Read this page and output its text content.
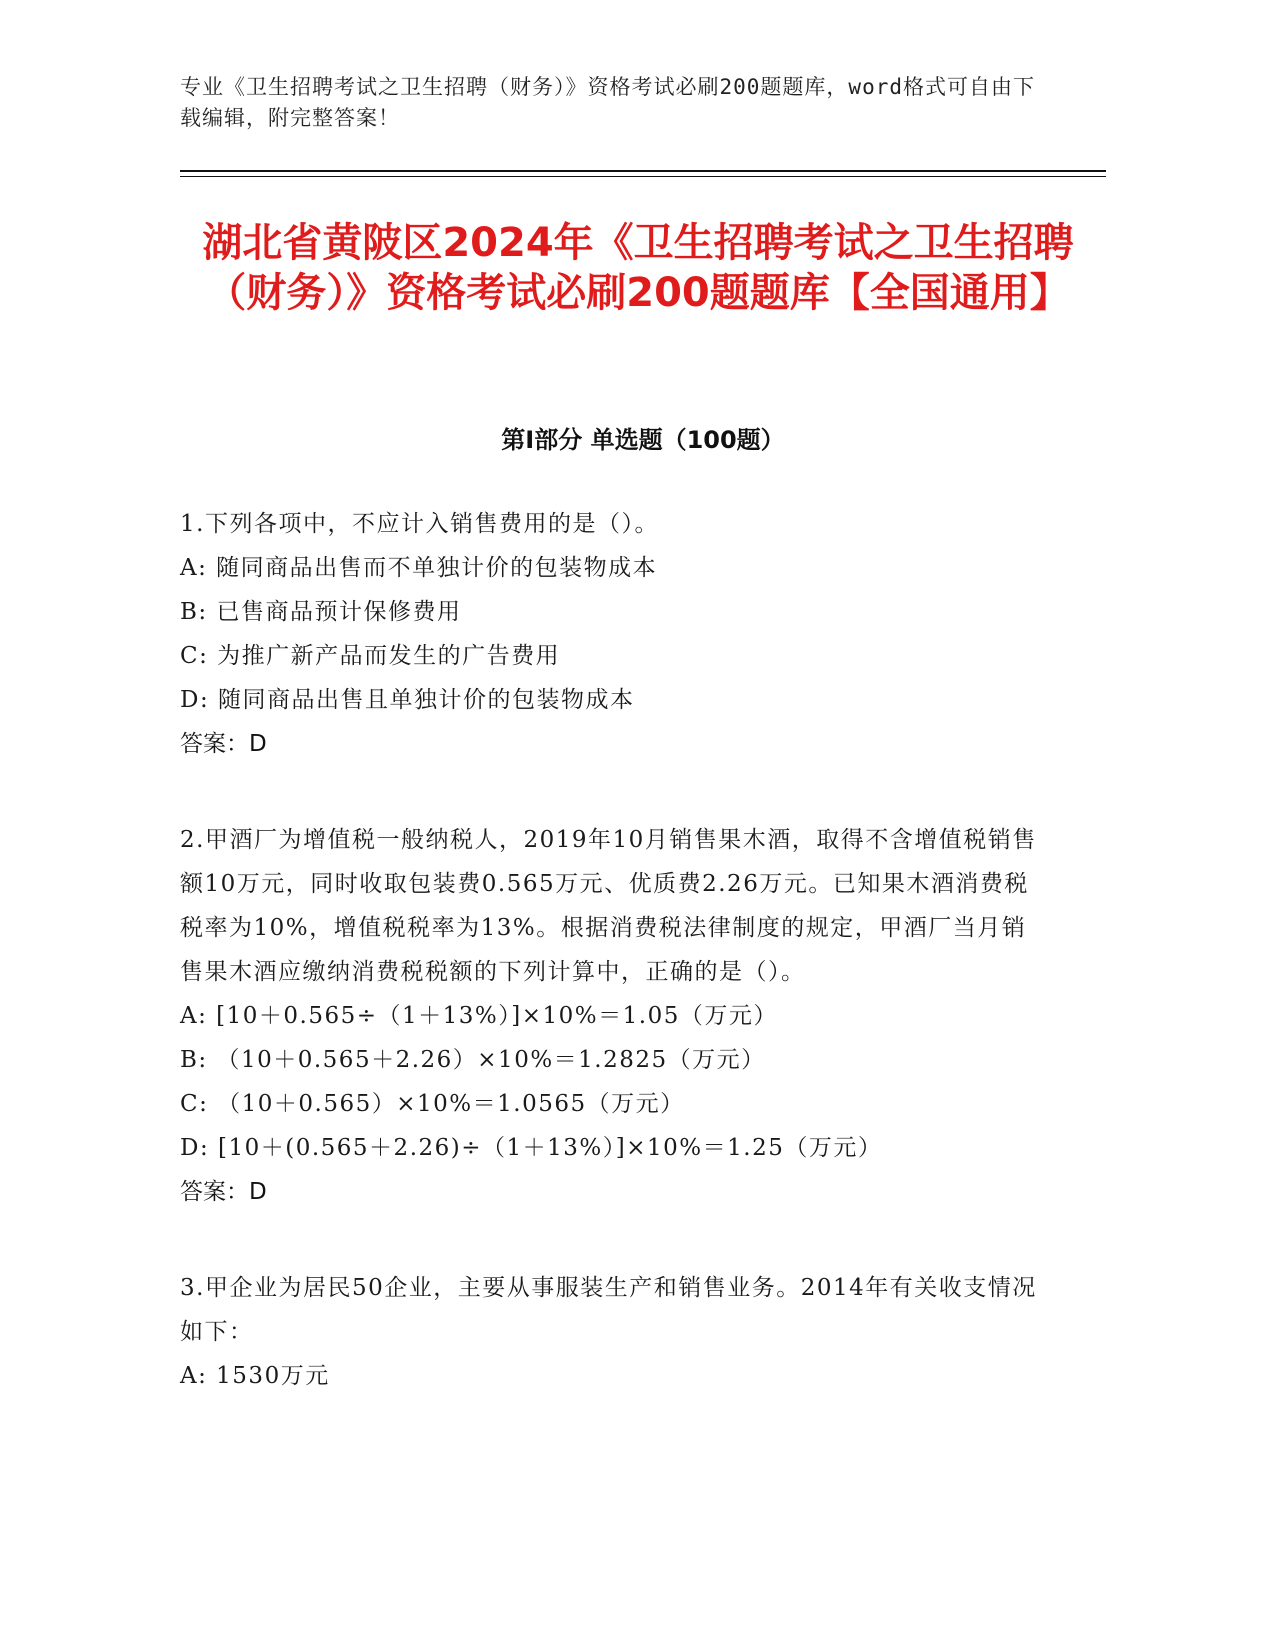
专业《卫生招聘考试之卫生招聘（财务）》资格考试必刷200题题库，word格式可自由下载编辑，附完整答案！
湖北省黄陂区2024年《卫生招聘考试之卫生招聘（财务）》资格考试必刷200题题库【全国通用】
第Ⅰ部分 单选题（100题）
1.下列各项中，不应计入销售费用的是（）。
A: 随同商品出售而不单独计价的包装物成本
B: 已售商品预计保修费用
C: 为推广新产品而发生的广告费用
D: 随同商品出售且单独计价的包装物成本
答案：D
2.甲酒厂为增值税一般纳税人，2019年10月销售果木酒，取得不含增值税销售额10万元，同时收取包装费0.565万元、优质费2.26万元。已知果木酒消费税税率为10%，增值税税率为13%。根据消费税法律制度的规定，甲酒厂当月销售果木酒应缴纳消费税税额的下列计算中，正确的是（）。
A: [10＋0.565÷（1＋13%）]×10%＝1.05（万元）
B: （10＋0.565＋2.26）×10%＝1.2825（万元）
C: （10＋0.565）×10%＝1.0565（万元）
D: [10＋(0.565＋2.26)÷（1＋13%）]×10%＝1.25（万元）
答案：D
3.甲企业为居民50企业，主要从事服装生产和销售业务。2014年有关收支情况如下：
A: 1530万元
